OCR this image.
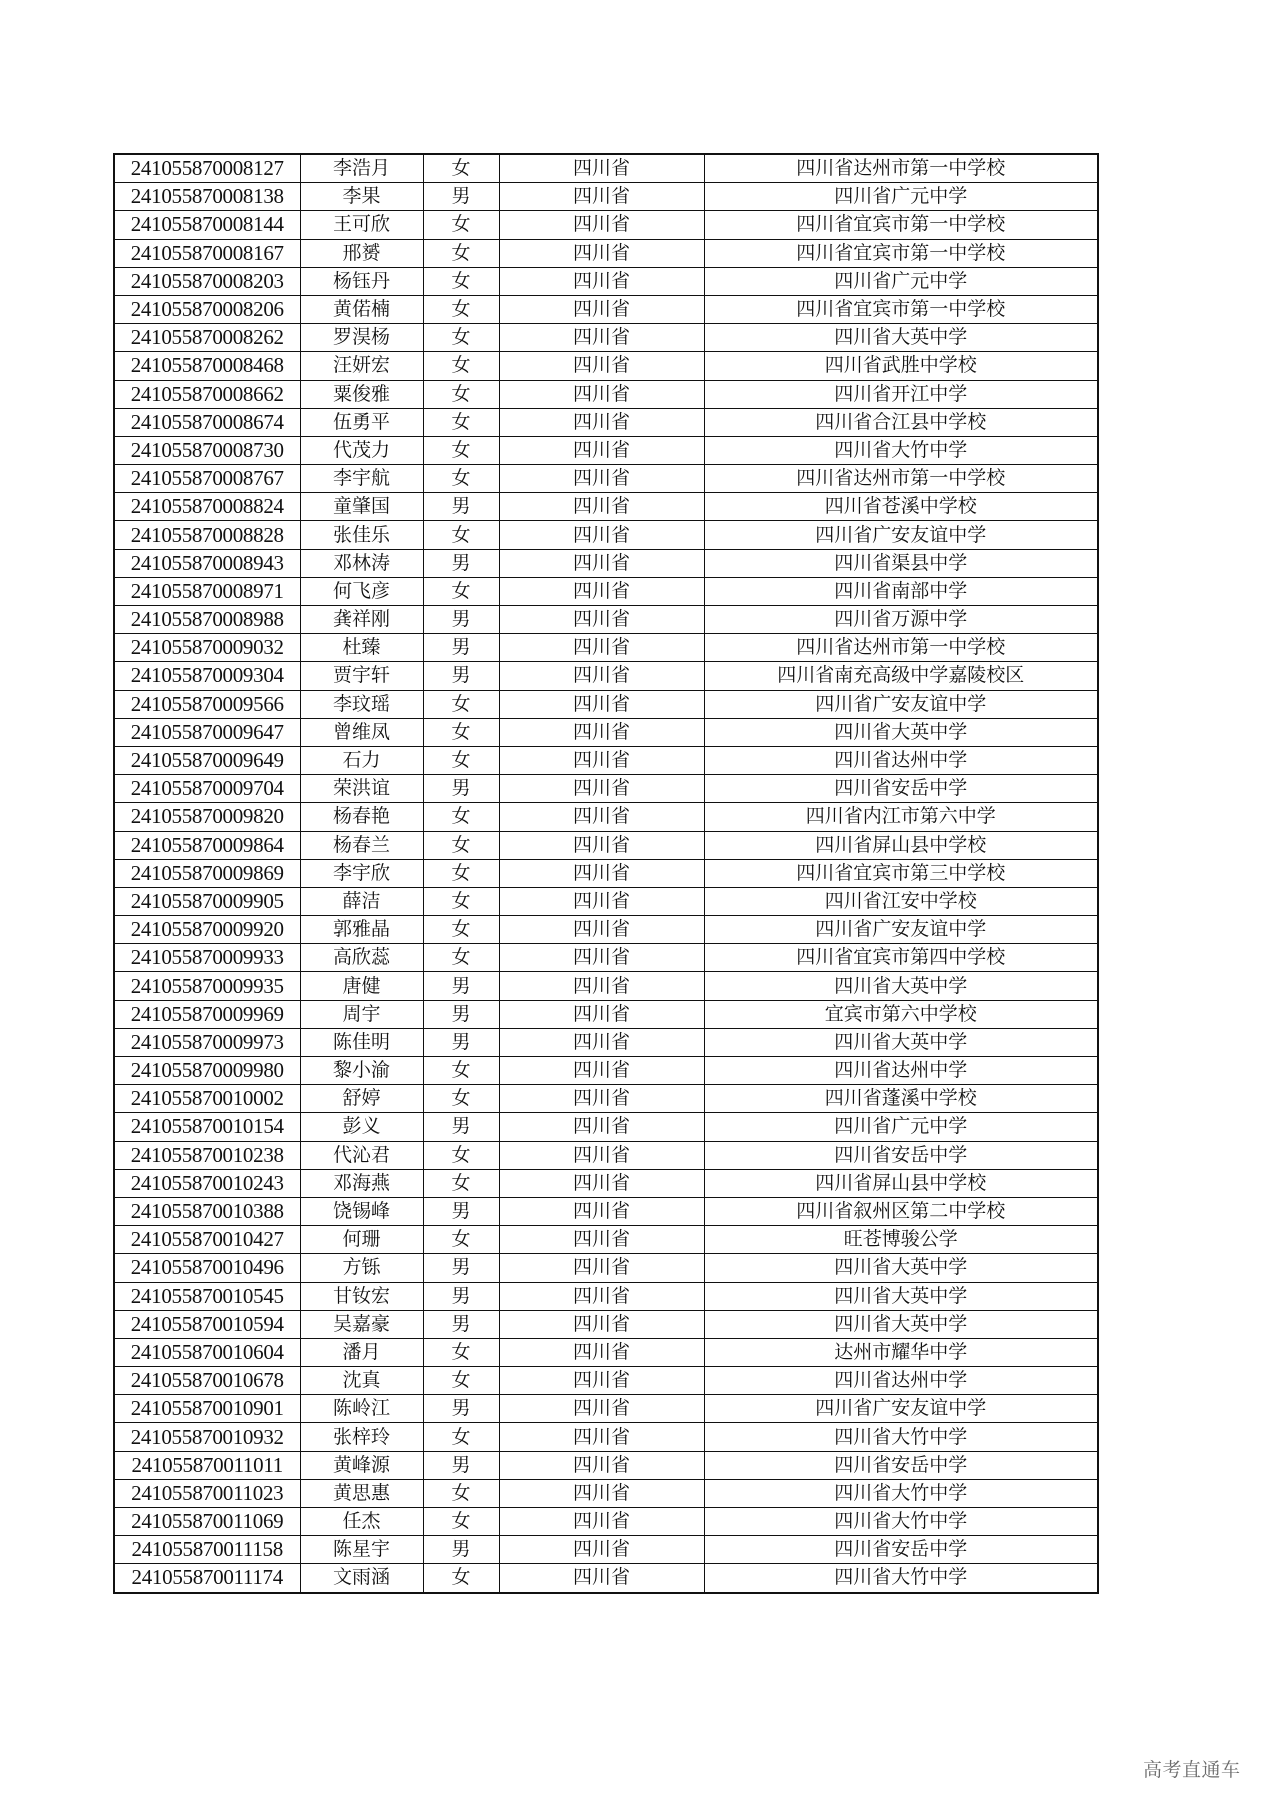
241055870008127	李浩月	女	四川省	四川省达州市第一中学校
241055870008138	李果	男	四川省	四川省广元中学
241055870008144	王可欣	女	四川省	四川省宜宾市第一中学校
241055870008167	邢赟	女	四川省	四川省宜宾市第一中学校
241055870008203	杨钰丹	女	四川省	四川省广元中学
241055870008206	黄偌楠	女	四川省	四川省宜宾市第一中学校
241055870008262	罗淏杨	女	四川省	四川省大英中学
241055870008468	汪妍宏	女	四川省	四川省武胜中学校
241055870008662	粟俊雅	女	四川省	四川省开江中学
241055870008674	伍勇平	女	四川省	四川省合江县中学校
241055870008730	代茂力	女	四川省	四川省大竹中学
241055870008767	李宇航	女	四川省	四川省达州市第一中学校
241055870008824	童肇国	男	四川省	四川省苍溪中学校
241055870008828	张佳乐	女	四川省	四川省广安友谊中学
241055870008943	邓林涛	男	四川省	四川省渠县中学
241055870008971	何飞彦	女	四川省	四川省南部中学
241055870008988	龚祥刚	男	四川省	四川省万源中学
241055870009032	杜臻	男	四川省	四川省达州市第一中学校
241055870009304	贾宇轩	男	四川省	四川省南充高级中学嘉陵校区
241055870009566	李玟瑶	女	四川省	四川省广安友谊中学
241055870009647	曾维凤	女	四川省	四川省大英中学
241055870009649	石力	女	四川省	四川省达州中学
241055870009704	荣洪谊	男	四川省	四川省安岳中学
241055870009820	杨春艳	女	四川省	四川省内江市第六中学
241055870009864	杨春兰	女	四川省	四川省屏山县中学校
241055870009869	李宇欣	女	四川省	四川省宜宾市第三中学校
241055870009905	薛洁	女	四川省	四川省江安中学校
241055870009920	郭雅晶	女	四川省	四川省广安友谊中学
241055870009933	高欣蕊	女	四川省	四川省宜宾市第四中学校
241055870009935	唐健	男	四川省	四川省大英中学
241055870009969	周宇	男	四川省	宜宾市第六中学校
241055870009973	陈佳明	男	四川省	四川省大英中学
241055870009980	黎小渝	女	四川省	四川省达州中学
241055870010002	舒婷	女	四川省	四川省蓬溪中学校
241055870010154	彭义	男	四川省	四川省广元中学
241055870010238	代沁君	女	四川省	四川省安岳中学
241055870010243	邓海燕	女	四川省	四川省屏山县中学校
241055870010388	饶锡峰	男	四川省	四川省叙州区第二中学校
241055870010427	何珊	女	四川省	旺苍博骏公学
241055870010496	方铄	男	四川省	四川省大英中学
241055870010545	甘钕宏	男	四川省	四川省大英中学
241055870010594	吴嘉豪	男	四川省	四川省大英中学
241055870010604	潘月	女	四川省	达州市耀华中学
241055870010678	沈真	女	四川省	四川省达州中学
241055870010901	陈岭江	男	四川省	四川省广安友谊中学
241055870010932	张梓玲	女	四川省	四川省大竹中学
241055870011011	黄峰源	男	四川省	四川省安岳中学
241055870011023	黄思惠	女	四川省	四川省大竹中学
241055870011069	任杰	女	四川省	四川省大竹中学
241055870011158	陈星宇	男	四川省	四川省安岳中学
241055870011174	文雨涵	女	四川省	四川省大竹中学
高考直通车
